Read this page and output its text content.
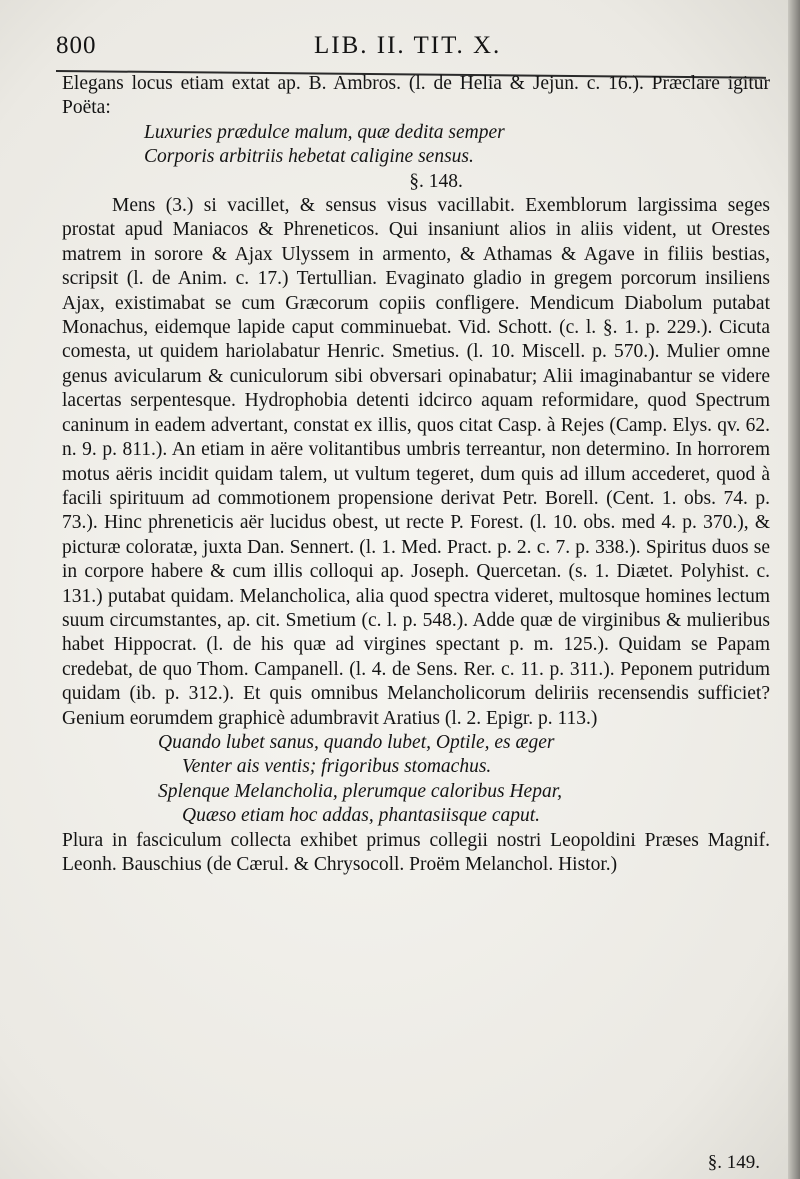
800	LIB. II. TIT. X.

Elegans locus etiam extat ap. B. Ambros. (l. de Helia & Jejun. c. 16.). Præclare igitur Poëta:

Luxuries prædulce malum, quæ dedita semper

Corporis arbitriis hebetat caligine sensus.

§. 148.

Mens (3.) si vacillet, & sensus visus vacillabit. Exemblorum largissima seges prostat apud Maniacos & Phreneticos. Qui insaniunt alios in aliis vident, ut Orestes matrem in sorore & Ajax Ulyssem in armento, & Athamas & Agave in filiis bestias, scripsit (l. de Anim. c. 17.) Tertullian. Evaginato gladio in gregem porcorum insiliens Ajax, existimabat se cum Græcorum copiis confligere. Mendicum Diabolum putabat Monachus, eidemque lapide caput comminuebat. Vid. Schott. (c. l. §. 1. p. 229.). Cicuta comesta, ut quidem hariolabatur Henric. Smetius. (l. 10. Miscell. p. 570.). Mulier omne genus avicularum & cuniculorum sibi obversari opinabatur; Alii imaginabantur se videre lacertas serpentesque. Hydrophobia detenti idcirco aquam reformidare, quod Spectrum caninum in eadem advertant, constat ex illis, quos citat Casp. à Rejes (Camp. Elys. qv. 62. n. 9. p. 811.). An etiam in aëre volitantibus umbris terreantur, non determino. In horrorem motus aëris incidit quidam talem, ut vultum tegeret, dum quis ad illum accederet, quod à facili spirituum ad commotionem propensione derivat Petr. Borell. (Cent. 1. obs. 74. p. 73.). Hinc phreneticis aër lucidus obest, ut recte P. Forest. (l. 10. obs. med 4. p. 370.), & picturæ coloratæ, juxta Dan. Sennert. (l. 1. Med. Pract. p. 2. c. 7. p. 338.). Spiritus duos se in corpore habere & cum illis colloqui ap. Joseph. Quercetan. (s. 1. Diætet. Polyhist. c. 131.) putabat quidam. Melancholica, alia quod spectra videret, multosque homines lectum suum circumstantes, ap. cit. Smetium (c. l. p. 548.). Adde quæ de virginibus & mulieribus habet Hippocrat. (l. de his quæ ad virgines spectant p. m. 125.). Quidam se Papam credebat, de quo Thom. Campanell. (l. 4. de Sens. Rer. c. 11. p. 311.). Peponem putridum quidam (ib. p. 312.). Et quis omnibus Melancholicorum deliriis recensendis sufficiet? Genium eorumdem graphicè adumbravit Aratius (l. 2. Epigr. p. 113.)

Quando lubet sanus, quando lubet, Optile, es æger

Venter ais ventis; frigoribus stomachus.

Splenque Melancholia, plerumque caloribus Hepar,

Quæso etiam hoc addas, phantasiisque caput.

Plura in fasciculum collecta exhibet primus collegii nostri Leopoldini Præses Magnif. Leonh. Bauschius (de Cærul. & Chrysocoll. Proëm Melanchol. Histor.)

§. 149.
